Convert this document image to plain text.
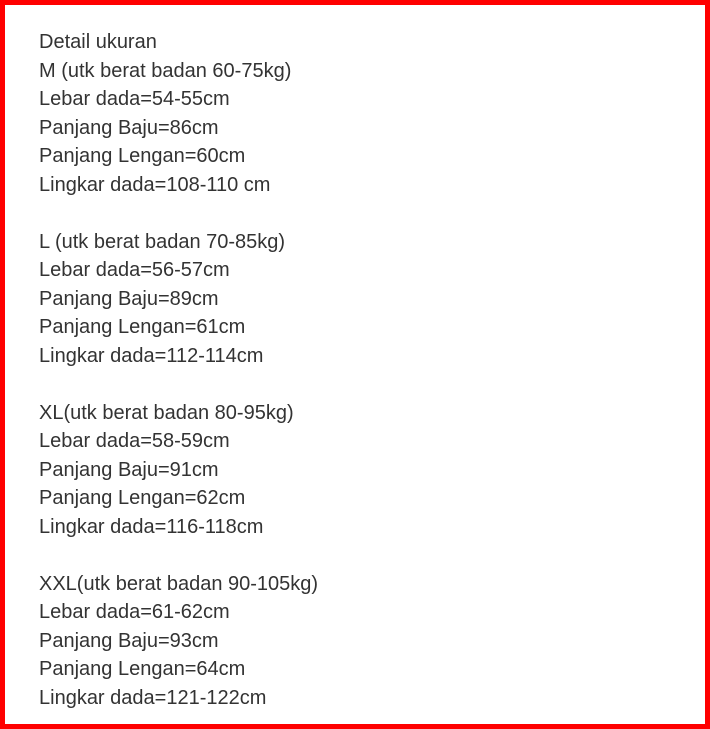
Detail ukuran
M (utk berat badan 60-75kg)
Lebar dada=54-55cm
Panjang Baju=86cm
Panjang Lengan=60cm
Lingkar dada=108-110 cm
L (utk berat badan 70-85kg)
Lebar dada=56-57cm
Panjang Baju=89cm
Panjang Lengan=61cm
Lingkar dada=112-114cm
XL(utk berat badan 80-95kg)
Lebar dada=58-59cm
Panjang Baju=91cm
Panjang Lengan=62cm
Lingkar dada=116-118cm
XXL(utk berat badan 90-105kg)
Lebar dada=61-62cm
Panjang Baju=93cm
Panjang Lengan=64cm
Lingkar dada=121-122cm
